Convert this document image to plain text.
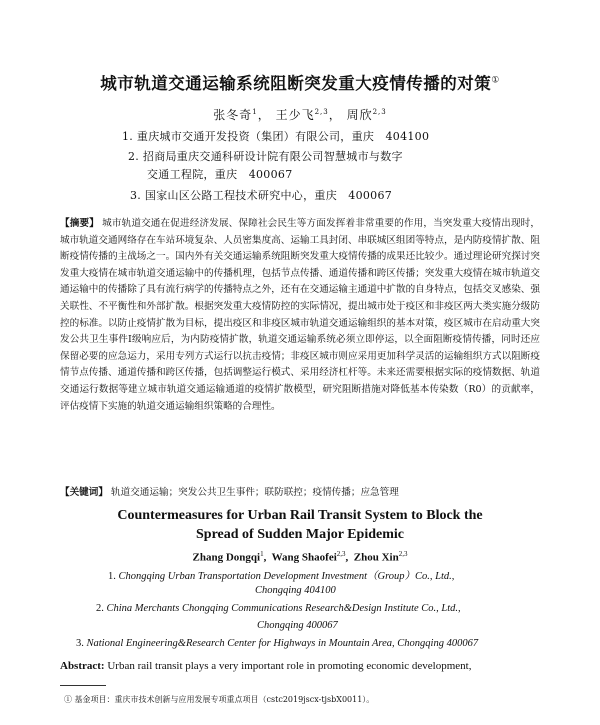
城市轨道交通运输系统阻断突发重大疫情传播的对策①
张冬奇$^1$， 王少飞$^{2,3}$， 周欣$^{2,3}$
1. 重庆城市交通开发投资（集团）有限公司，重庆　404100
2. 招商局重庆交通科研设计院有限公司智慧城市与数字
交通工程院，重庆　400067
3. 国家山区公路工程技术研究中心，重庆　400067
【摘要】 城市轨道交通在促进经济发展、保障社会民生等方面发挥着非常重要的作用，当突发重大疫情出现时，城市轨道交通网络存在车站环境复杂、人员密集度高、运输工具封闭、串联城区组团等特点，是内防疫情扩散、阻断疫情传播的主战场之一。国内外有关交通运输系统阻断突发重大疫情传播的成果还比较少。通过理论研究探讨突发重大疫情在城市轨道交通运输中的传播机理，包括节点传播、通道传播和跨区传播；突发重大疫情在城市轨道交通运输中的传播除了具有流行病学的传播特点之外，还有在交通运输主通道中扩散的自身特点，包括交叉感染、强关联性、不平衡性和外部扩散。根据突发重大疫情防控的实际情况，提出城市处于疫区和非疫区两大类实施分级防控的标准。以防止疫情扩散为目标，提出疫区和非疫区城市轨道交通运输组织的基本对策，疫区城市在启动重大突发公共卫生事件Ⅰ级响应后，为内防疫情扩散，轨道交通运输系统必须立即停运，以全面阻断疫情传播，同时还应保留必要的应急运力，采用专列方式运行以抗击疫情；非疫区城市则应采用更加科学灵活的运输组织方式以阻断疫情节点传播、通道传播和跨区传播，包括调整运行模式、采用经济杠杆等。未来还需要根据实际的疫情数据、轨道交通运行数据等建立城市轨道交通运输通道的疫情扩散模型，研究阻断措施对降低基本传染数（R0）的贡献率，评估疫情下实施的轨道交通运输组织策略的合理性。
【关键词】 轨道交通运输；突发公共卫生事件；联防联控；疫情传播；应急管理
Countermeasures for Urban Rail Transit System to Block the
Spread of Sudden Major Epidemic
Zhang Dongqi$^1$,  Wang Shaofei$^{2,3}$,  Zhou Xin$^{2,3}$
1. Chongqing Urban Transportation Development Investment（Group）Co., Ltd.,
Chongqing 404100
2. China Merchants Chongqing Communications Research&Design Institute Co., Ltd.,
Chongqing 400067
3. National Engineering&Research Center for Highways in Mountain Area, Chongqing 400067
Abstract: Urban rail transit plays a very important role in promoting economic development,
① 基金项目：重庆市技术创新与应用发展专项重点项目（cstc2019jscx-tjsbX0011）。
